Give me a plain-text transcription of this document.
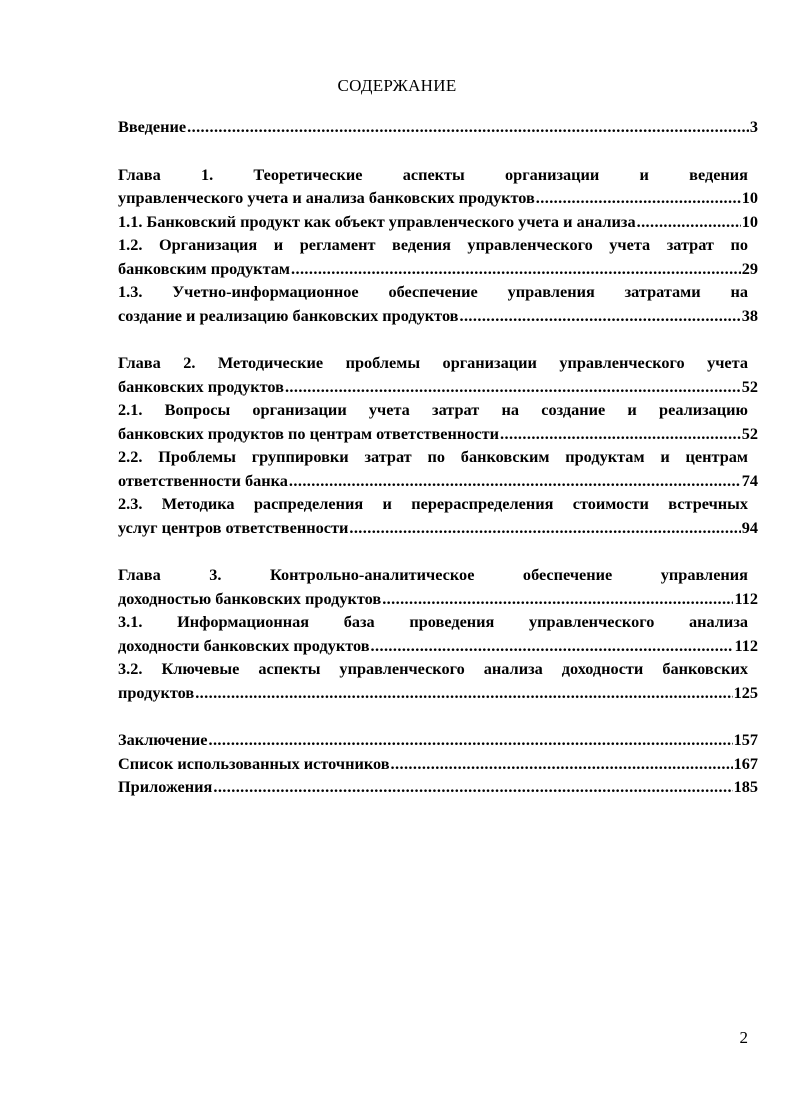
СОДЕРЖАНИЕ
Введение .....	3
Глава 1. Теоретические аспекты организации и ведения
управленческого учета и анализа банковских продуктов .....	10
1.1. Банковский продукт как объект управленческого учета и анализа .....	10
1.2. Организация и регламент ведения управленческого учета затрат по
банковским продуктам .....	29
1.3. Учетно-информационное обеспечение управления затратами на
создание и реализацию банковских продуктов .....	38
Глава 2. Методические проблемы организации управленческого учета
банковских продуктов .....	52
2.1. Вопросы организации учета затрат на создание и реализацию
банковских продуктов по центрам ответственности .....	52
2.2. Проблемы группировки затрат по банковским продуктам и центрам
ответственности банка .....	74
2.3. Методика распределения и перераспределения стоимости встречных
услуг центров ответственности .....	94
Глава 3. Контрольно-аналитическое обеспечение управления
доходностью банковских продуктов .....	112
3.1. Информационная база проведения управленческого анализа
доходности банковских продуктов .....	112
3.2. Ключевые аспекты управленческого анализа доходности банковских
продуктов .....	125
Заключение .....	157
Список использованных источников .....	167
Приложения .....	185
2
